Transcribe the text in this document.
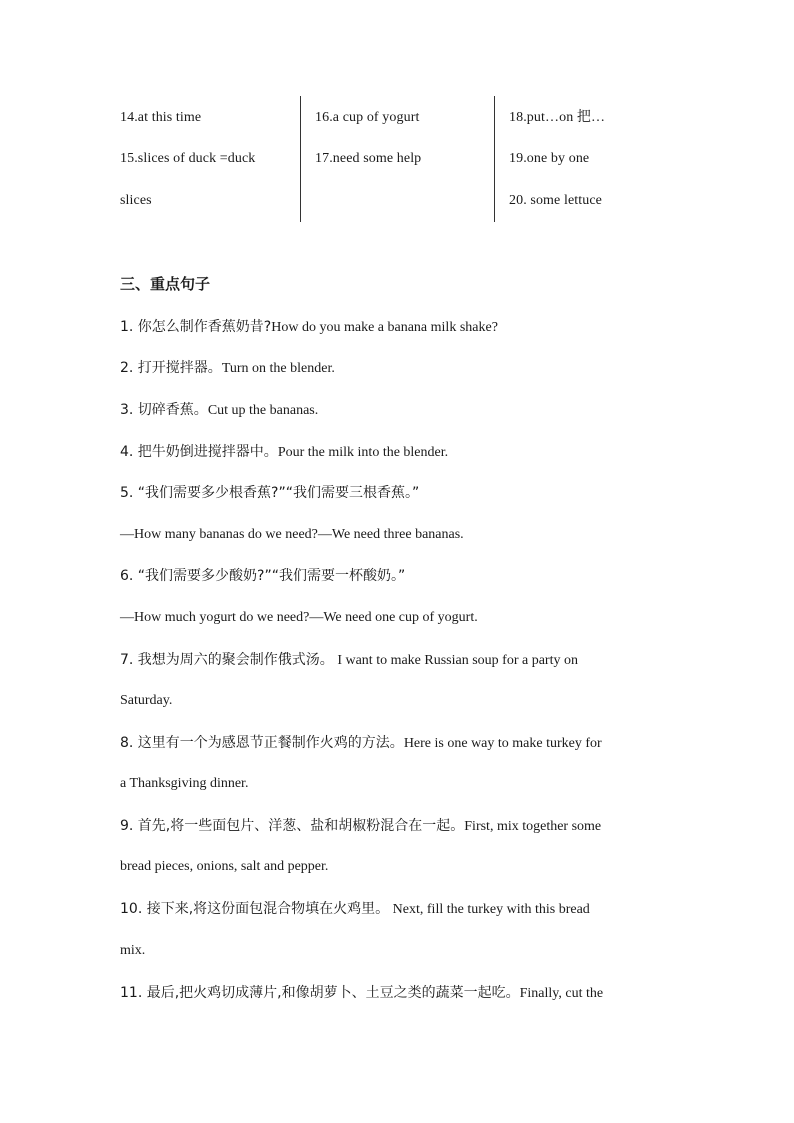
14.at this time
15.slices of duck =duck
slices
16.a cup of yogurt
17.need some help
18.put…on 把…
19.one by one
20. some lettuce
三、重点句子
1. 你怎么制作香蕉奶昔?How do you make a banana milk shake?
2. 打开搅拌器。Turn on the blender.
3. 切碎香蕉。Cut up the bananas.
4. 把牛奶倒进搅拌器中。Pour the milk into the blender.
5. “我们需要多少根香蕉?”“我们需要三根香蕉。”
—How many bananas do we need?—We need three bananas.
6. “我们需要多少酸奶?”“我们需要一杯酸奶。”
—How much yogurt do we need?—We need one cup of yogurt.
7. 我想为周六的聚会制作俄式汤。 I want to make Russian soup for a party on
Saturday.
8. 这里有一个为感恩节正餐制作火鸡的方法。Here is one way to make turkey for
a Thanksgiving dinner.
9. 首先,将一些面包片、洋葱、盐和胡椒粉混合在一起。First, mix together some
bread pieces, onions, salt and pepper.
10. 接下来,将这份面包混合物填在火鸡里。 Next, fill the turkey with this bread
mix.
11. 最后,把火鸡切成薄片,和像胡萝卜、土豆之类的蔬菜一起吃。Finally, cut the
